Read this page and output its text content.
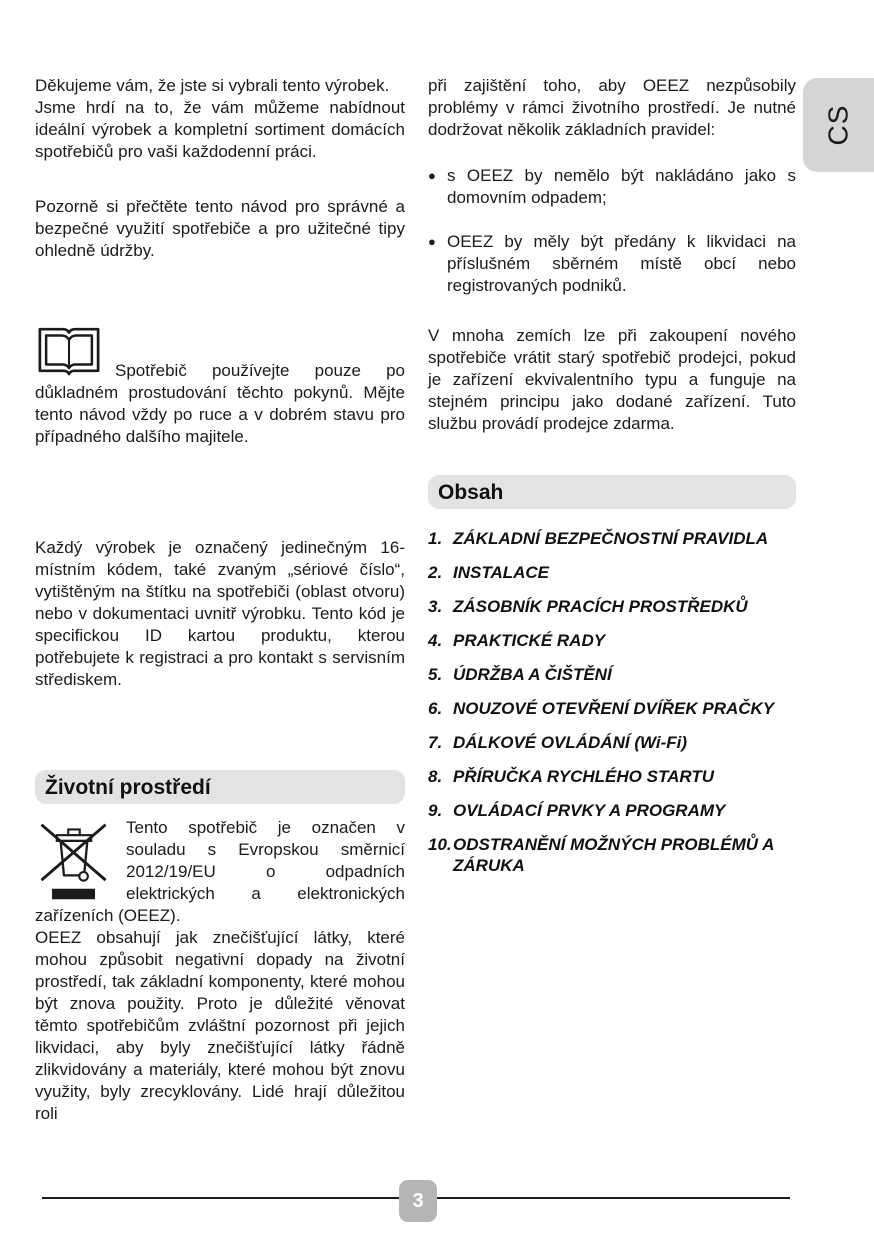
Děkujeme vám, že jste si vybrali tento výrobek.

Jsme hrdí na to, že vám můžeme nabídnout ideální výrobek a kompletní sortiment domácích spotřebičů pro vaši každodenní práci.

Pozorně si přečtěte tento návod pro správné a bezpečné využití spotřebiče a pro užitečné tipy ohledně údržby.

Spotřebič používejte pouze po důkladném prostudování těchto pokynů. Mějte tento návod vždy po ruce a v dobrém stavu pro případného dalšího majitele.

Každý výrobek je označený jedinečným 16-místním kódem, také zvaným „sériové číslo“, vytištěným na štítku na spotřebiči (oblast otvoru) nebo v dokumentaci uvnitř výrobku. Tento kód je specifickou ID kartou produktu, kterou potřebujete k registraci a pro kontakt s servisním střediskem.

Životní prostředí

Tento spotřebič je označen v souladu s Evropskou směrnicí 2012/19/EU o odpadních elektrických a elektronických zařízeních (OEEZ).

OEEZ obsahují jak znečišťující látky, které mohou způsobit negativní dopady na životní prostředí, tak základní komponenty, které mohou být znova použity. Proto je důležité věnovat těmto spotřebičům zvláštní pozornost při jejich likvidaci, aby byly znečišťující látky řádně zlikvidovány a materiály, které mohou být znovu využity, byly zrecyklovány. Lidé hrají důležitou roli

při zajištění toho, aby OEEZ nezpůsobily problémy v rámci životního prostředí. Je nutné dodržovat několik základních pravidel:

● s OEEZ by nemělo být nakládáno jako s domovním odpadem;
● OEEZ by měly být předány k likvidaci na příslušném sběrném místě obcí nebo registrovaných podniků.

V mnoha zemích lze při zakoupení nového spotřebiče vrátit starý spotřebič prodejci, pokud je zařízení ekvivalentního typu a funguje na stejném principu jako dodané zařízení. Tuto službu provádí prodejce zdarma.

Obsah
1. ZÁKLADNÍ BEZPEČNOSTNÍ PRAVIDLA
2. INSTALACE
3. ZÁSOBNÍK PRACÍCH PROSTŘEDKŮ
4. PRAKTICKÉ RADY
5. ÚDRŽBA A ČIŠTĚNÍ
6. NOUZOVÉ OTEVŘENÍ DVÍŘEK PRAČKY
7. DÁLKOVÉ OVLÁDÁNÍ (Wi-Fi)
8. PŘÍRUČKA RYCHLÉHO STARTU
9. OVLÁDACÍ PRVKY A PROGRAMY
10. ODSTRANĚNÍ MOŽNÝCH PROBLÉMŮ A ZÁRUKA
CS
3
